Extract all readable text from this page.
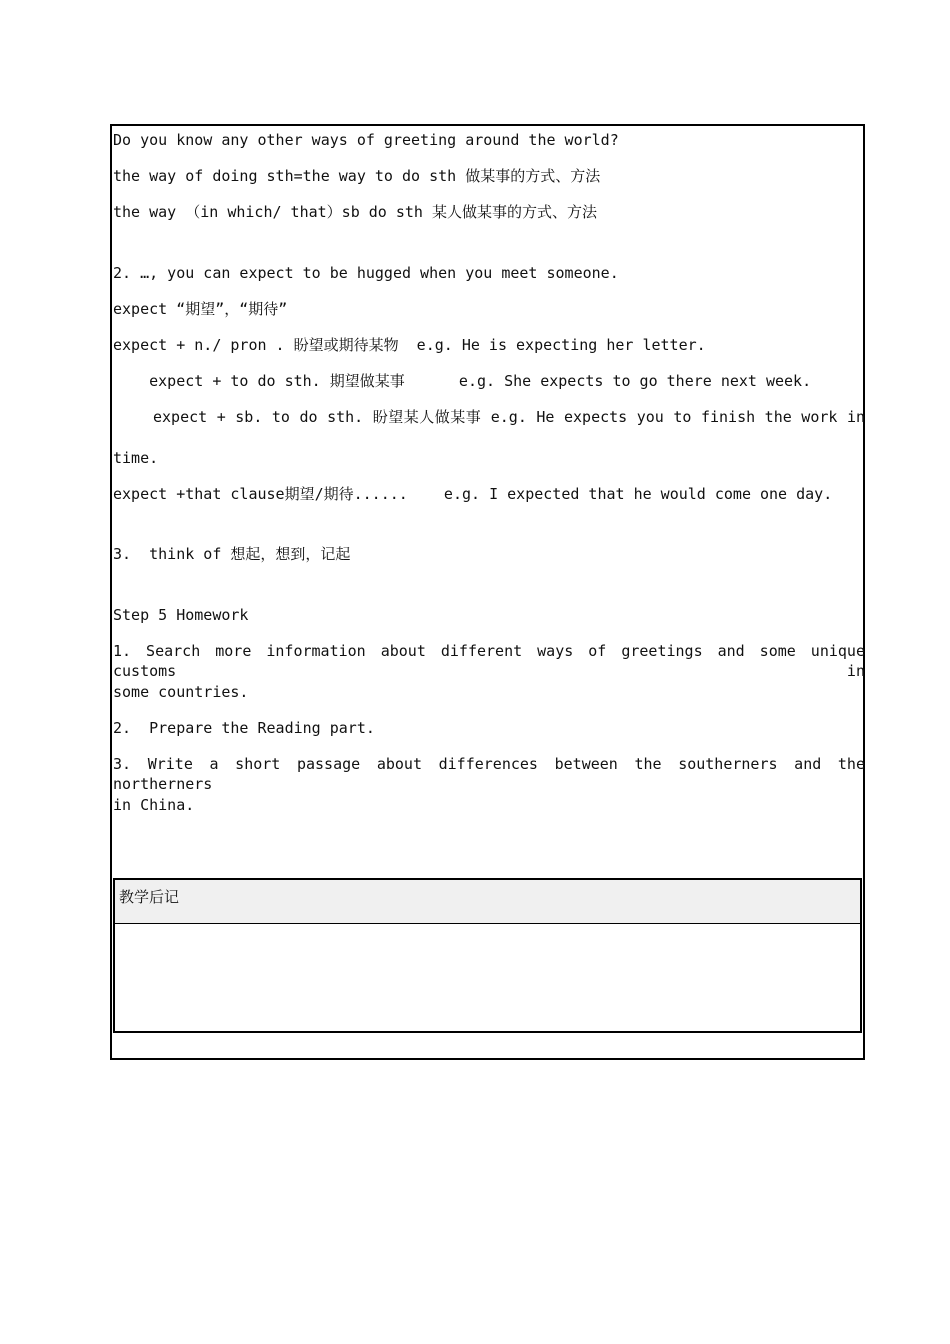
Do you know any other ways of greeting around the world?
the way of doing sth=the way to do sth 做某事的方式、方法
the way （in which/ that）sb do sth 某人做某事的方式、方法
2. …, you can expect to be hugged when you meet someone.
expect “期望”，“期待”
expect + n./ pron . 盼望或期待某物  e.g. He is expecting her letter.
expect + to do sth. 期望做某事      e.g. She expects to go there next week.
expect + sb. to do sth. 盼望某人做某事 e.g. He expects you to finish the work in
time.
expect +that clause期望/期待......    e.g. I expected that he would come one day.
3.  think of 想起，想到，记起
Step 5 Homework
1. Search more information about different ways of greetings and some unique customs in
some countries.
2.  Prepare the Reading part.
3. Write a short passage about differences between the southerners and the northerners
in China.
教学后记
